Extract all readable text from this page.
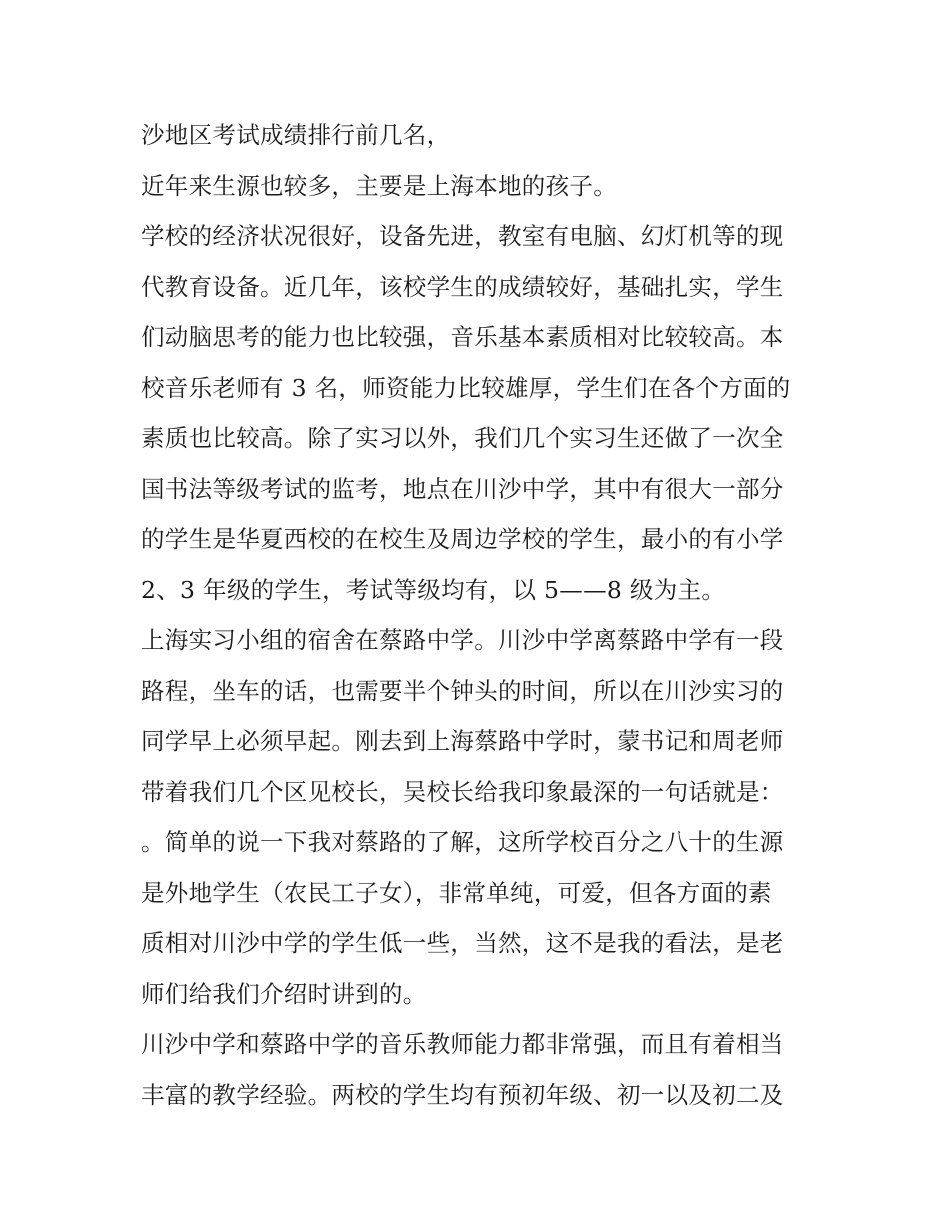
沙地区考试成绩排行前几名，
近年来生源也较多，主要是上海本地的孩子。
学校的经济状况很好，设备先进，教室有电脑、幻灯机等的现
代教育设备。近几年，该校学生的成绩较好，基础扎实，学生
们动脑思考的能力也比较强，音乐基本素质相对比较较高。本
校音乐老师有 3 名，师资能力比较雄厚，学生们在各个方面的
素质也比较高。除了实习以外，我们几个实习生还做了一次全
国书法等级考试的监考，地点在川沙中学，其中有很大一部分
的学生是华夏西校的在校生及周边学校的学生，最小的有小学
2、3 年级的学生，考试等级均有，以 5——8 级为主。
上海实习小组的宿舍在蔡路中学。川沙中学离蔡路中学有一段
路程，坐车的话，也需要半个钟头的时间，所以在川沙实习的
同学早上必须早起。刚去到上海蔡路中学时，蒙书记和周老师
带着我们几个区见校长，吴校长给我印象最深的一句话就是：
。简单的说一下我对蔡路的了解，这所学校百分之八十的生源
是外地学生（农民工子女），非常单纯，可爱，但各方面的素
质相对川沙中学的学生低一些，当然，这不是我的看法，是老
师们给我们介绍时讲到的。
川沙中学和蔡路中学的音乐教师能力都非常强，而且有着相当
丰富的教学经验。两校的学生均有预初年级、初一以及初二及
